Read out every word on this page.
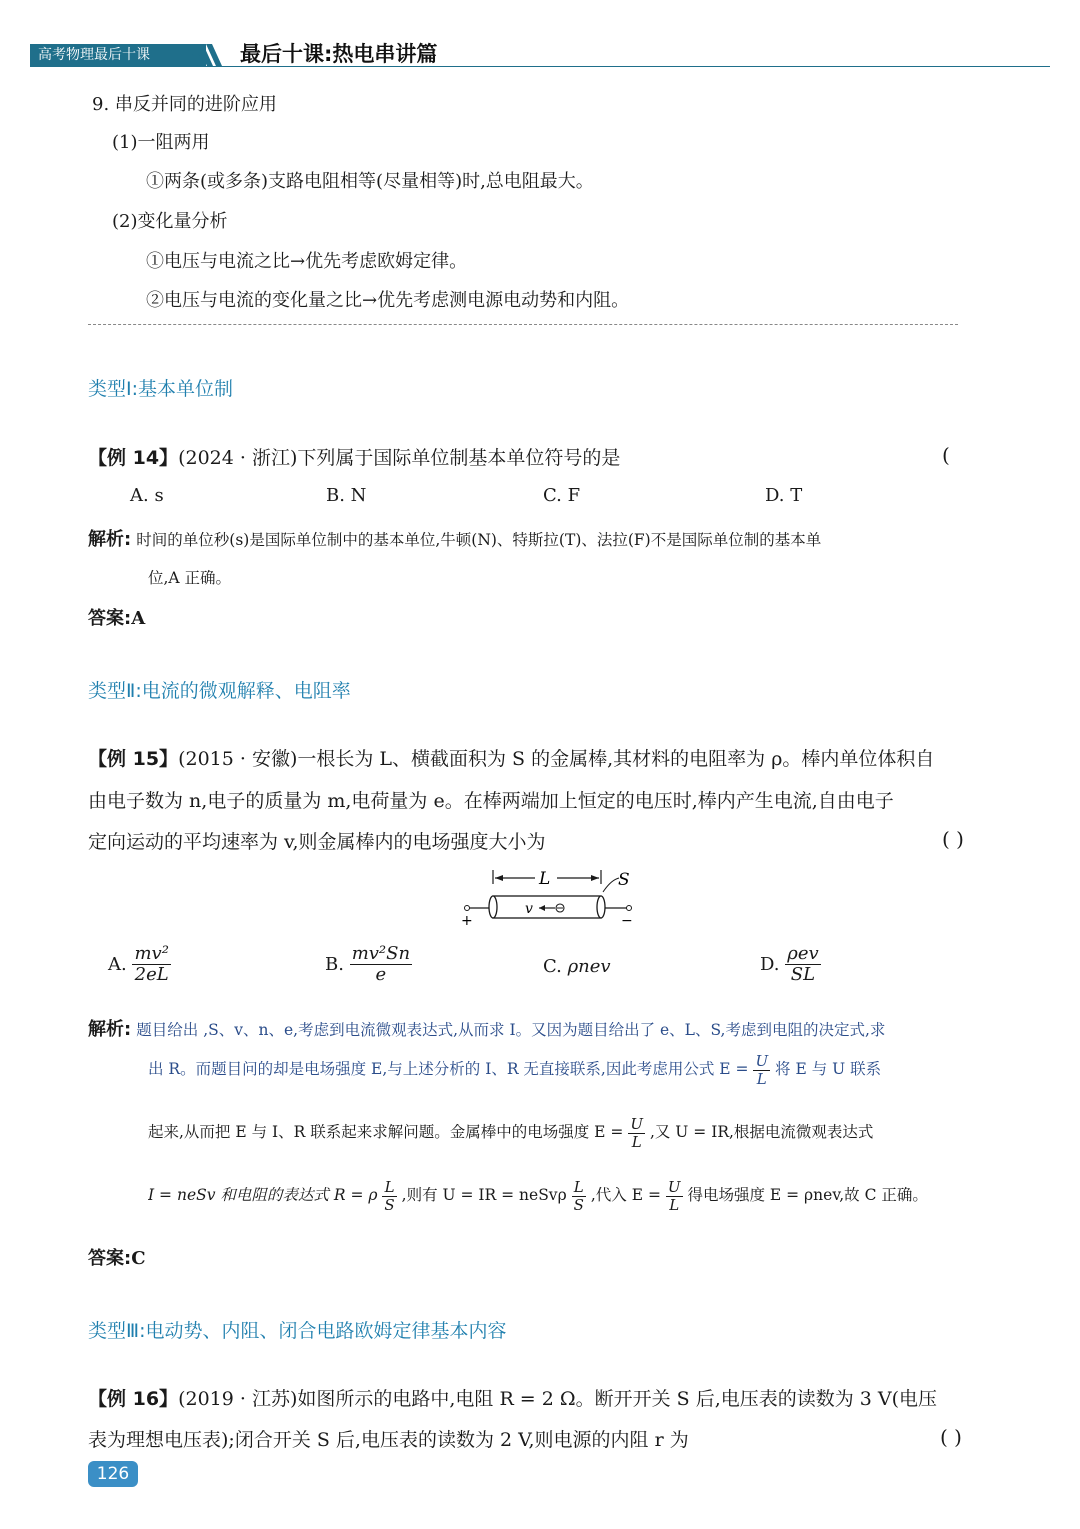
高考物理最后十课	最后十课:热电串讲篇
9. 串反并同的进阶应用
(1)一阻两用
①两条(或多条)支路电阻相等(尽量相等)时,总电阻最大。
(2)变化量分析
①电压与电流之比→优先考虑欧姆定律。
②电压与电流的变化量之比→优先考虑测电源电动势和内阻。
类型Ⅰ:基本单位制
【例 14】(2024 · 浙江)下列属于国际单位制基本单位符号的是	(
A. s	B. N	C. F	D. T
解析: 时间的单位秒(s)是国际单位制中的基本单位,牛顿(N)、特斯拉(T)、法拉(F)不是国际单位制的基本单
位,A 正确。
答案:A
类型Ⅱ:电流的微观解释、电阻率
【例 15】(2015 · 安徽)一根长为 L、横截面积为 S 的金属棒,其材料的电阻率为 ρ。棒内单位体积自
由电子数为 n,电子的质量为 m,电荷量为 e。在棒两端加上恒定的电压时,棒内产生电流,自由电子
定向运动的平均速率为 v,则金属棒内的电场强度大小为	( )
L	S
v
+	−
A. $\frac{\text{mv²}}{2eL}$	B. $\frac{\text{mv²Sn}}{e}$	C. ρnev	D. $\frac{\text{ρev}}{SL}$
解析: 题目给出 ,S、v、n、e,考虑到电流微观表达式,从而求 I。又因为题目给出了 e、L、S,考虑到电阻的决定式,求
出 R。而题目问的却是电场强度 E,与上述分析的 I、R 无直接联系,因此考虑用公式 $E = \frac{U}{L}$ 将 E 与 U 联系
起来,从而把 E 与 I、R 联系起来求解问题。金属棒中的电场强度 $E = \frac{U}{L}$ ,又 U = IR,根据电流微观表达式
I = neSv 和电阻的表达式 R = ρ $\frac{L}{S}$ ,则有 U = IR = neSvρ $\frac{L}{S}$ ,代入 $E = \frac{U}{L}$ 得电场强度 E = ρnev,故 C 正确。
答案:C
类型Ⅲ:电动势、内阻、闭合电路欧姆定律基本内容
【例 16】(2019 · 江苏)如图所示的电路中,电阻 R = 2 Ω。断开开关 S 后,电压表的读数为 3 V(电压
表为理想电压表);闭合开关 S 后,电压表的读数为 2 V,则电源的内阻 r 为	( )
126
